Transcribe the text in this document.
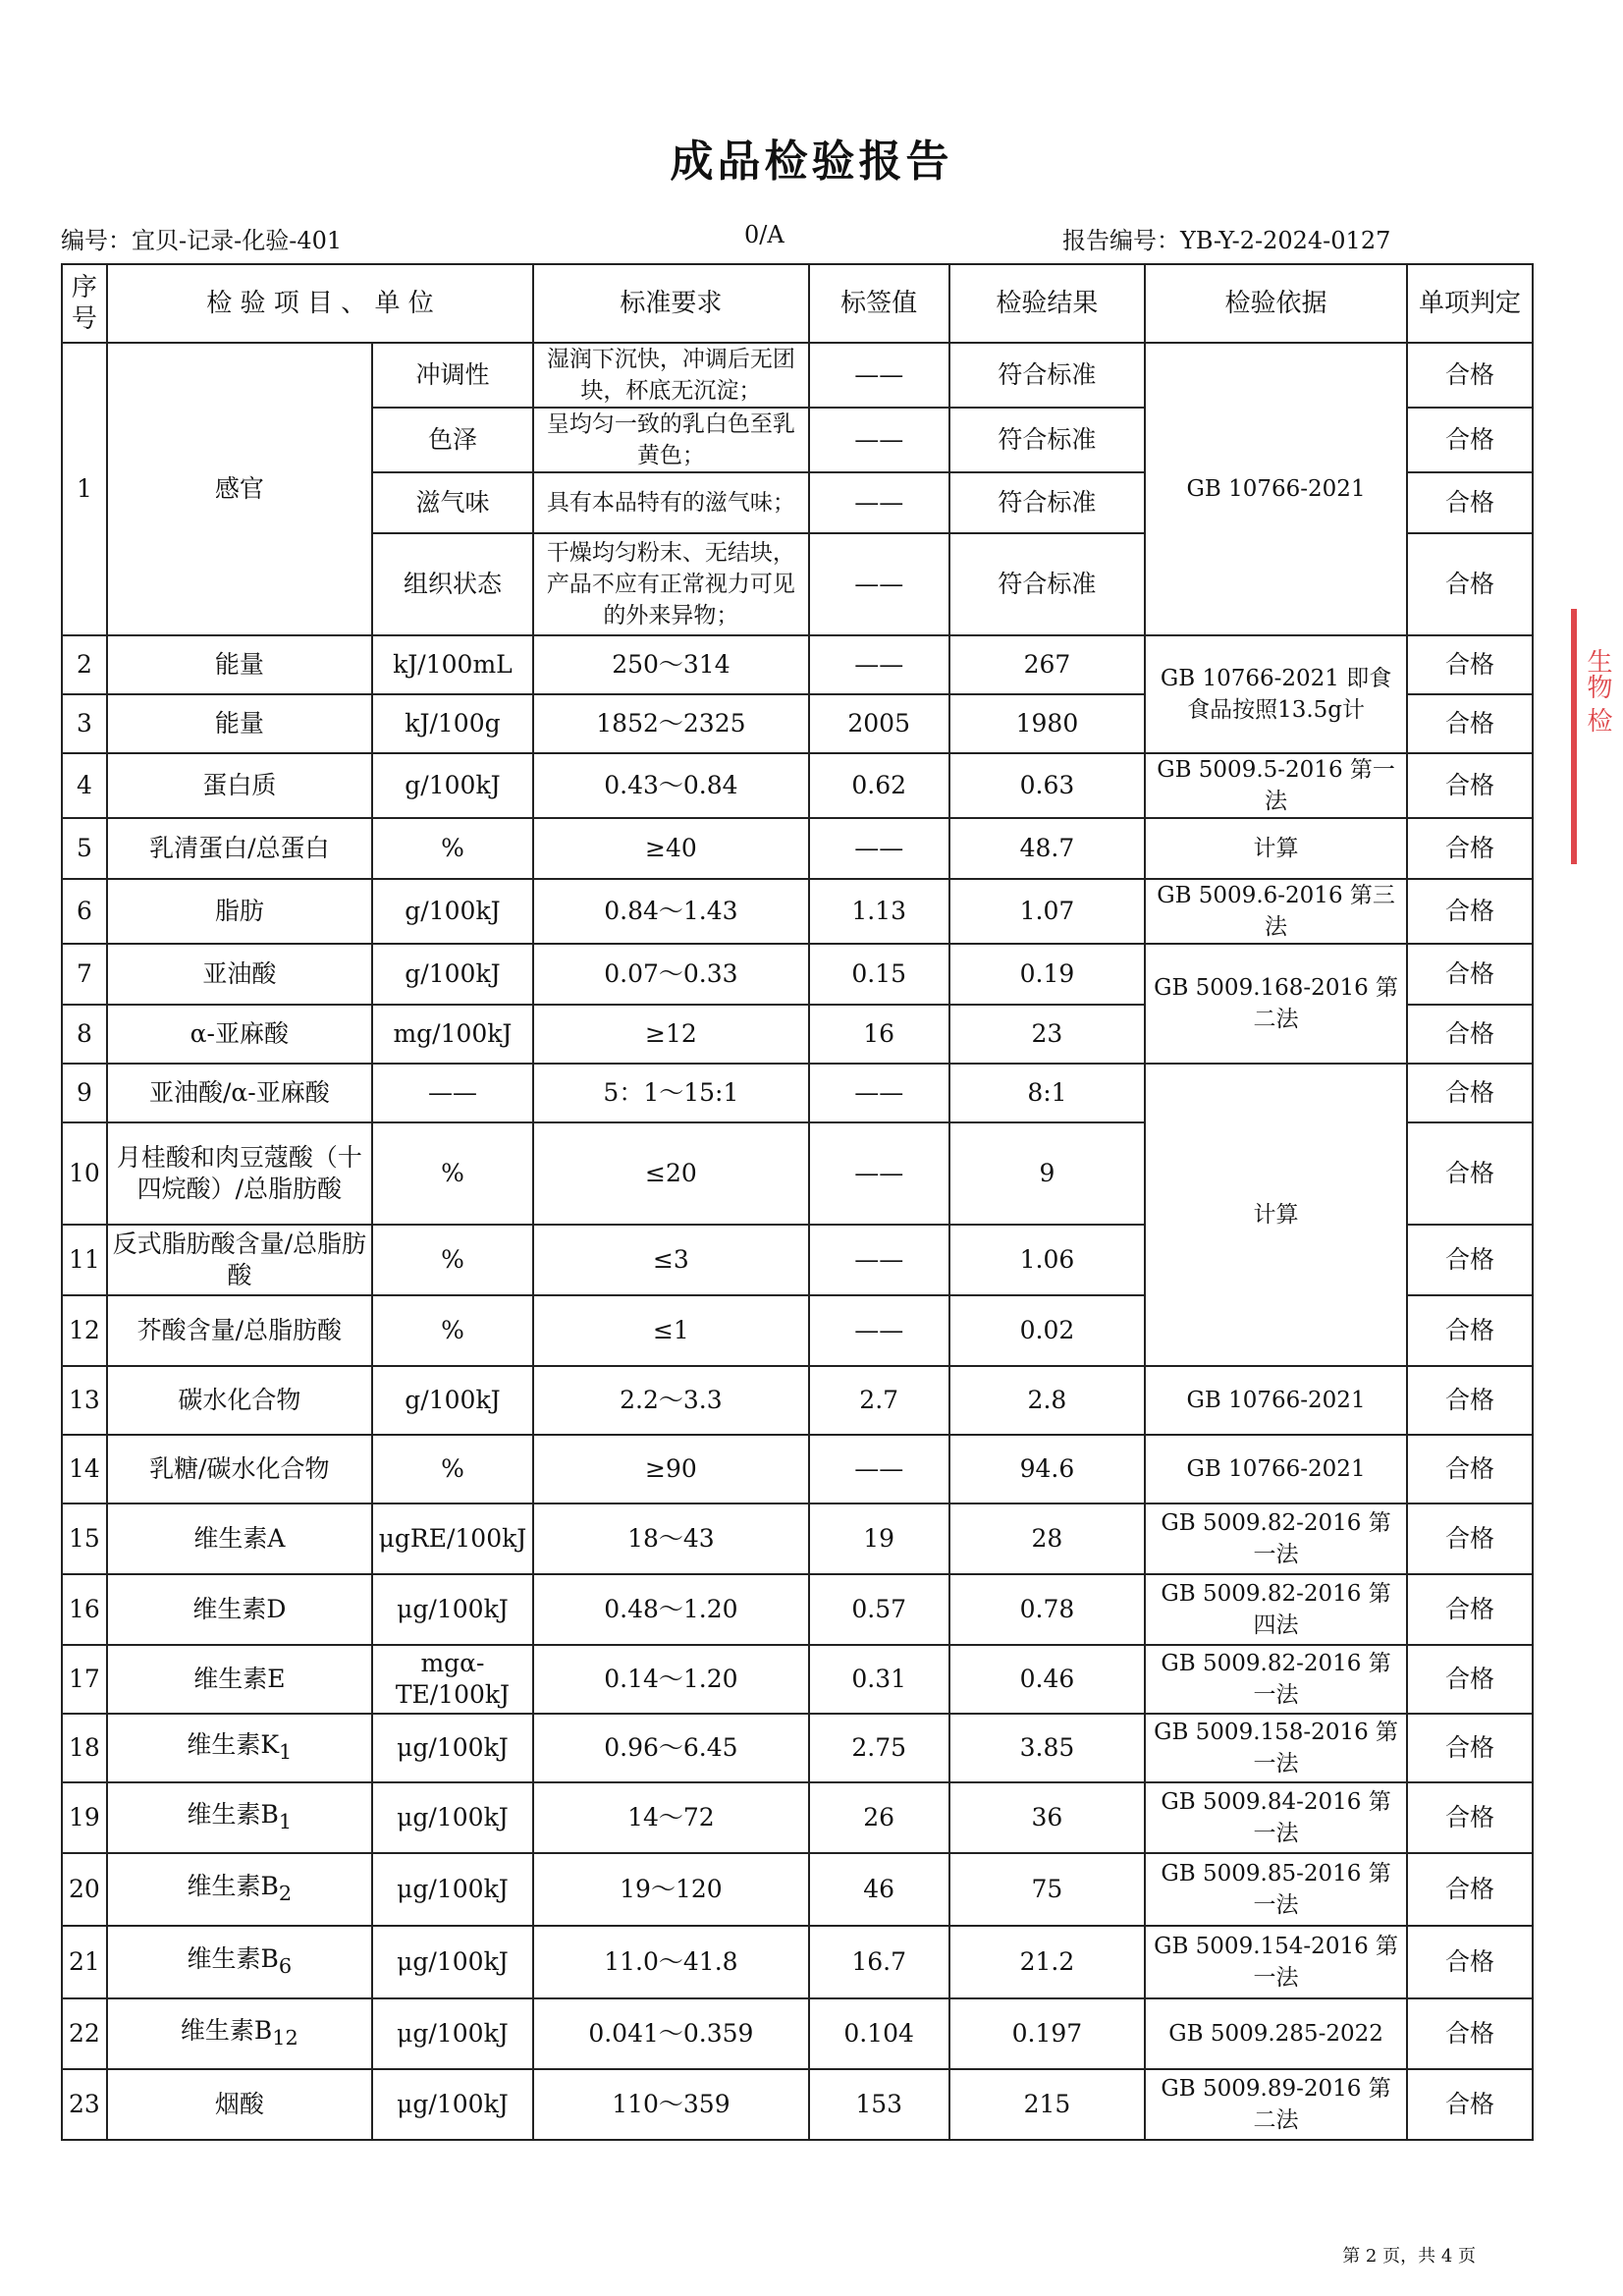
成品检验报告
编号：宜贝-记录-化验-401	0/A	报告编号：YB-Y-2-2024-0127
序号	检 验 项 目 、 单 位		标准要求	标签值	检验结果	检验依据	单项判定
1	感官	冲调性	湿润下沉快，冲调后无团块，杯底无沉淀；	——	符合标准	GB 10766-2021	合格
		色泽	呈均匀一致的乳白色至乳黄色；	——	符合标准		合格
		滋气味	具有本品特有的滋气味；	——	符合标准		合格
		组织状态	干燥均匀粉末、无结块，产品不应有正常视力可见的外来异物；	——	符合标准		合格
2	能量	kJ/100mL	250～314	——	267	GB 10766-2021 即食食品按照13.5g计	合格
3	能量	kJ/100g	1852～2325	2005	1980		合格
4	蛋白质	g/100kJ	0.43～0.84	0.62	0.63	GB 5009.5-2016 第一法	合格
5	乳清蛋白/总蛋白	%	≥40	——	48.7	计算	合格
6	脂肪	g/100kJ	0.84～1.43	1.13	1.07	GB 5009.6-2016 第三法	合格
7	亚油酸	g/100kJ	0.07～0.33	0.15	0.19	GB 5009.168-2016 第二法	合格
8	α-亚麻酸	mg/100kJ	≥12	16	23		合格
9	亚油酸/α-亚麻酸	——	5：1～15:1	——	8:1	计算	合格
10	月桂酸和肉豆蔻酸（十四烷酸）/总脂肪酸	%	≤20	——	9		合格
11	反式脂肪酸含量/总脂肪酸	%	≤3	——	1.06		合格
12	芥酸含量/总脂肪酸	%	≤1	——	0.02		合格
13	碳水化合物	g/100kJ	2.2～3.3	2.7	2.8	GB 10766-2021	合格
14	乳糖/碳水化合物	%	≥90	——	94.6	GB 10766-2021	合格
15	维生素A	μgRE/100kJ	18～43	19	28	GB 5009.82-2016 第一法	合格
16	维生素D	μg/100kJ	0.48～1.20	0.57	0.78	GB 5009.82-2016 第四法	合格
17	维生素E	mgα-TE/100kJ	0.14～1.20	0.31	0.46	GB 5009.82-2016 第一法	合格
18	维生素$K_1$	μg/100kJ	0.96～6.45	2.75	3.85	GB 5009.158-2016 第一法	合格
19	维生素$B_1$	μg/100kJ	14～72	26	36	GB 5009.84-2016 第一法	合格
20	维生素$B_2$	μg/100kJ	19～120	46	75	GB 5009.85-2016 第一法	合格
21	维生素$B_6$	μg/100kJ	11.0～41.8	16.7	21.2	GB 5009.154-2016 第一法	合格
22	维生素$B_{12}$	μg/100kJ	0.041～0.359	0.104	0.197	GB 5009.285-2022	合格
23	烟酸	μg/100kJ	110～359	153	215	GB 5009.89-2016 第二法	合格
生物 检
第 2 页，共 4 页
